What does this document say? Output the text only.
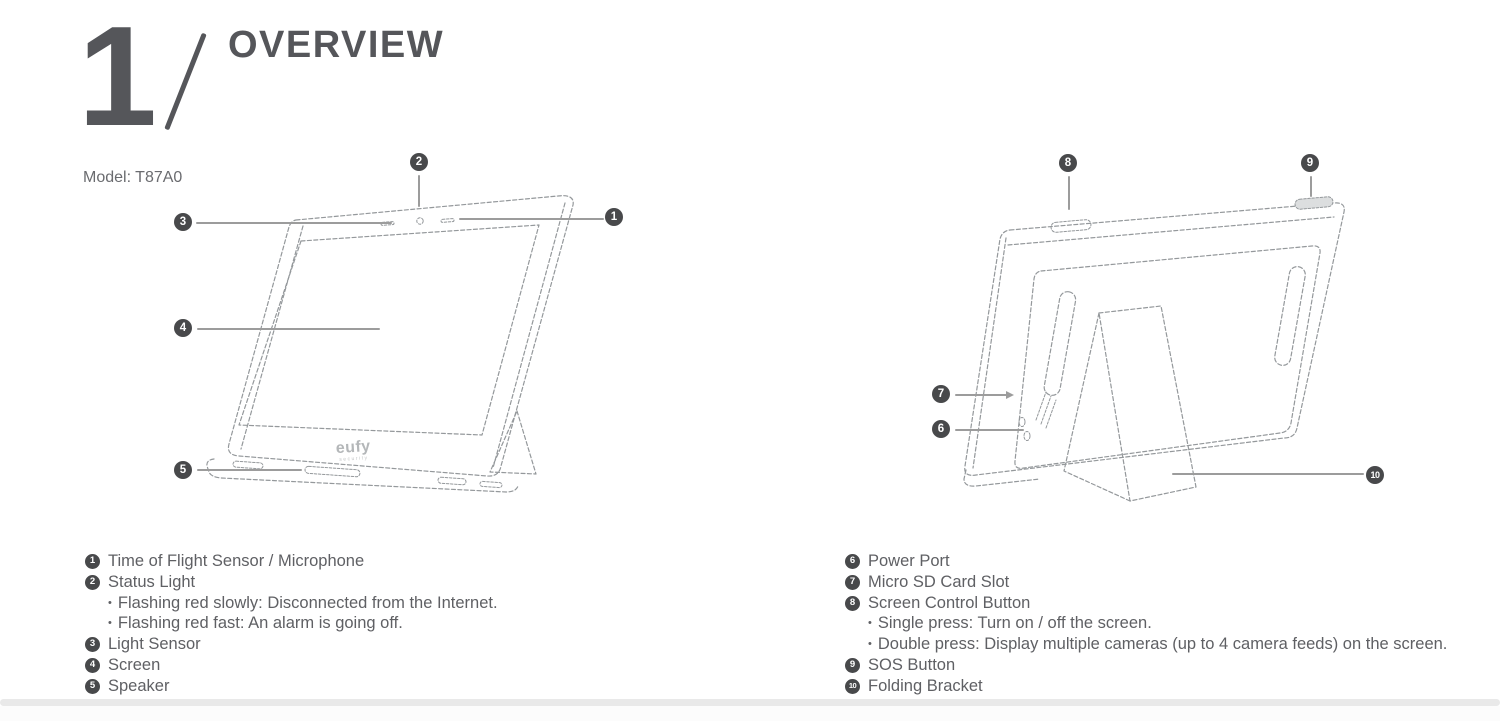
1 OVERVIEW
Model: T87A0
eufy
security
1
2
3
4
5
8	9
7
6
10
1 Time of Flight Sensor / Microphone
2 Status Light
• Flashing red slowly: Disconnected from the Internet.
• Flashing red fast: An alarm is going off.
3 Light Sensor
4 Screen
5 Speaker
6 Power Port
7 Micro SD Card Slot
8 Screen Control Button
• Single press: Turn on / off the screen.
• Double press: Display multiple cameras (up to 4 camera feeds) on the screen.
9 SOS Button
10 Folding Bracket
